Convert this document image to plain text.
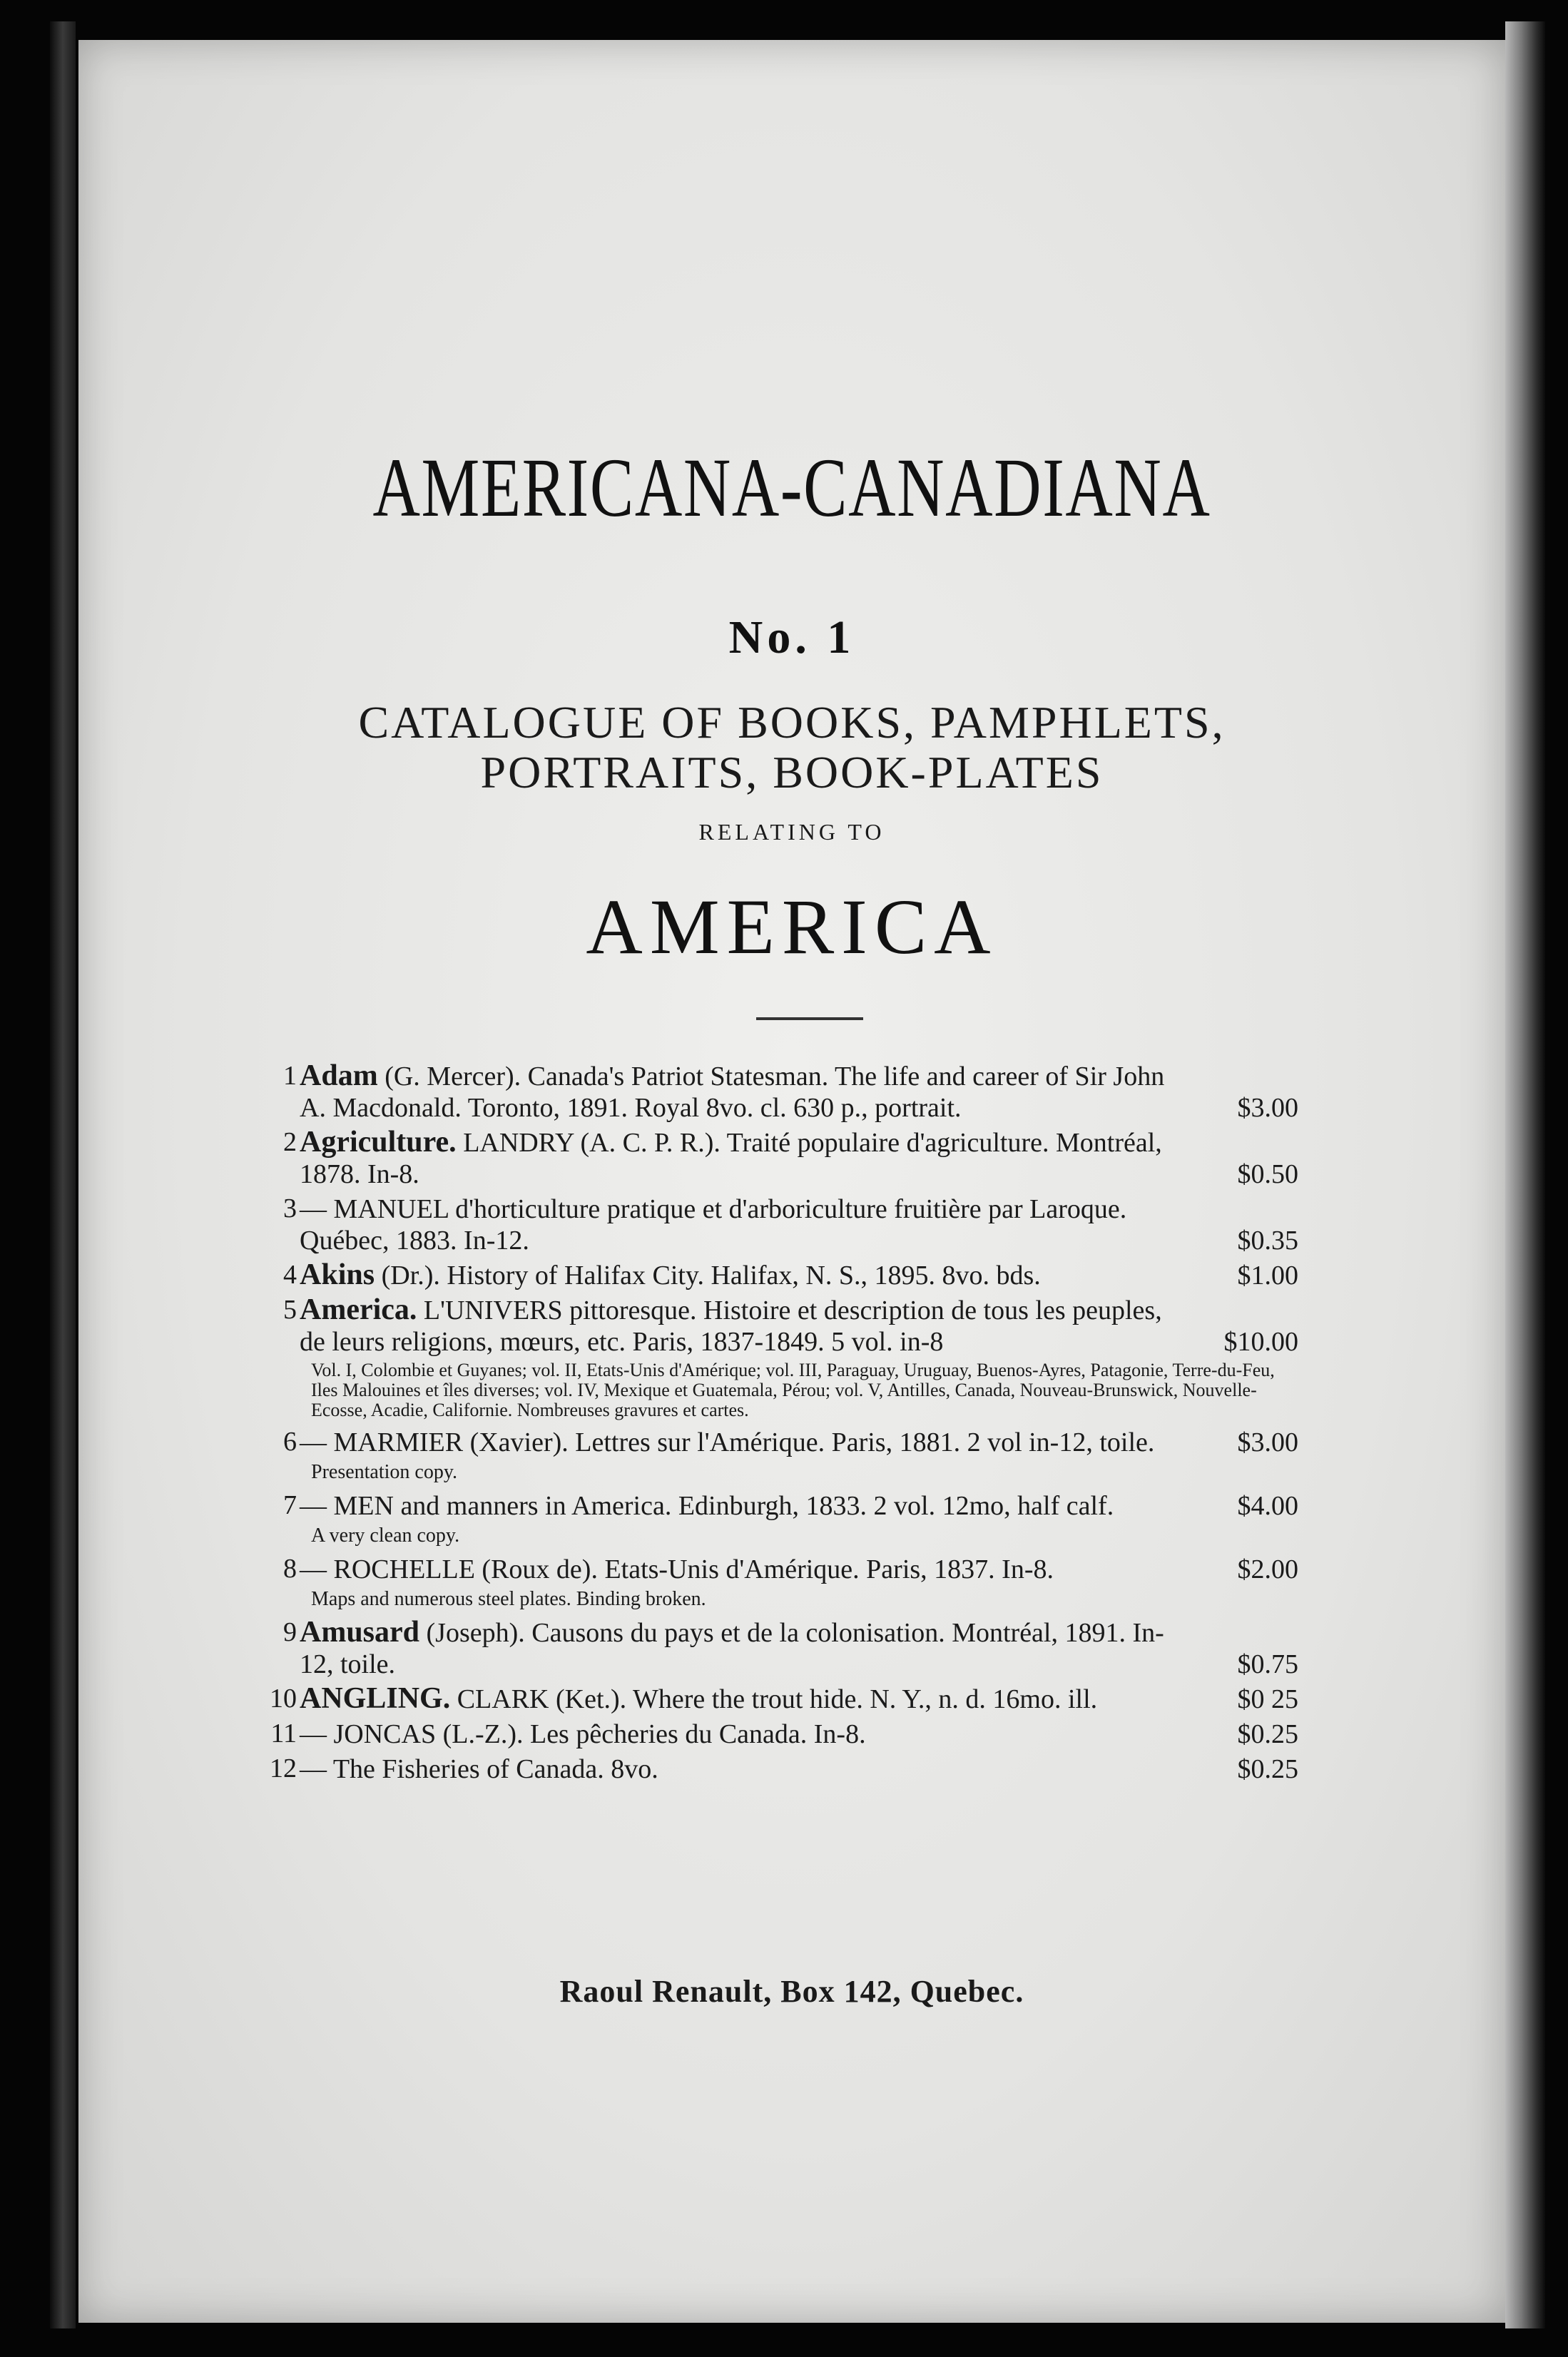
AMERICANA-CANADIANA
No. 1
CATALOGUE OF BOOKS, PAMPHLETS,
PORTRAITS, BOOK-PLATES
RELATING TO
AMERICA
1 Adam (G. Mercer). Canada's Patriot Statesman. The life and career of Sir John A. Macdonald. Toronto, 1891. Royal 8vo. cl. 630 p., portrait.	$3.00
2 Agriculture. LANDRY (A. C. P. R.). Traité populaire d'agriculture. Montréal, 1878. In-8.	$0.50
3 — MANUEL d'horticulture pratique et d'arboriculture fruitière par Laroque. Québec, 1883. In-12.	$0.35
4 Akins (Dr.). History of Halifax City. Halifax, N. S., 1895. 8vo. bds.	$1.00
5 America. L'UNIVERS pittoresque. Histoire et description de tous les peuples, de leurs religions, mœurs, etc. Paris, 1837-1849. 5 vol. in-8	$10.00
Vol. I, Colombie et Guyanes; vol. II, Etats-Unis d'Amérique; vol. III, Paraguay, Uruguay, Buenos-Ayres, Patagonie, Terre-du-Feu, Iles Malouines et îles diverses; vol. IV, Mexique et Guatemala, Pérou; vol. V, Antilles, Canada, Nouveau-Brunswick, Nouvelle-Ecosse, Acadie, Californie. Nombreuses gravures et cartes.
6 — MARMIER (Xavier). Lettres sur l'Amérique. Paris, 1881. 2 vol in-12, toile.	$3.00
Presentation copy.
7 — MEN and manners in America. Edinburgh, 1833. 2 vol. 12mo, half calf.	$4.00
A very clean copy.
8 — ROCHELLE (Roux de). Etats-Unis d'Amérique. Paris, 1837. In-8.	$2.00
Maps and numerous steel plates. Binding broken.
9 Amusard (Joseph). Causons du pays et de la colonisation. Montréal, 1891. In-12, toile.	$0.75
10 ANGLING. CLARK (Ket.). Where the trout hide. N. Y., n. d. 16mo. ill.	$0 25
11 — JONCAS (L.-Z.). Les pêcheries du Canada. In-8.	$0.25
12 — The Fisheries of Canada. 8vo.	$0.25
Raoul Renault, Box 142, Quebec.
